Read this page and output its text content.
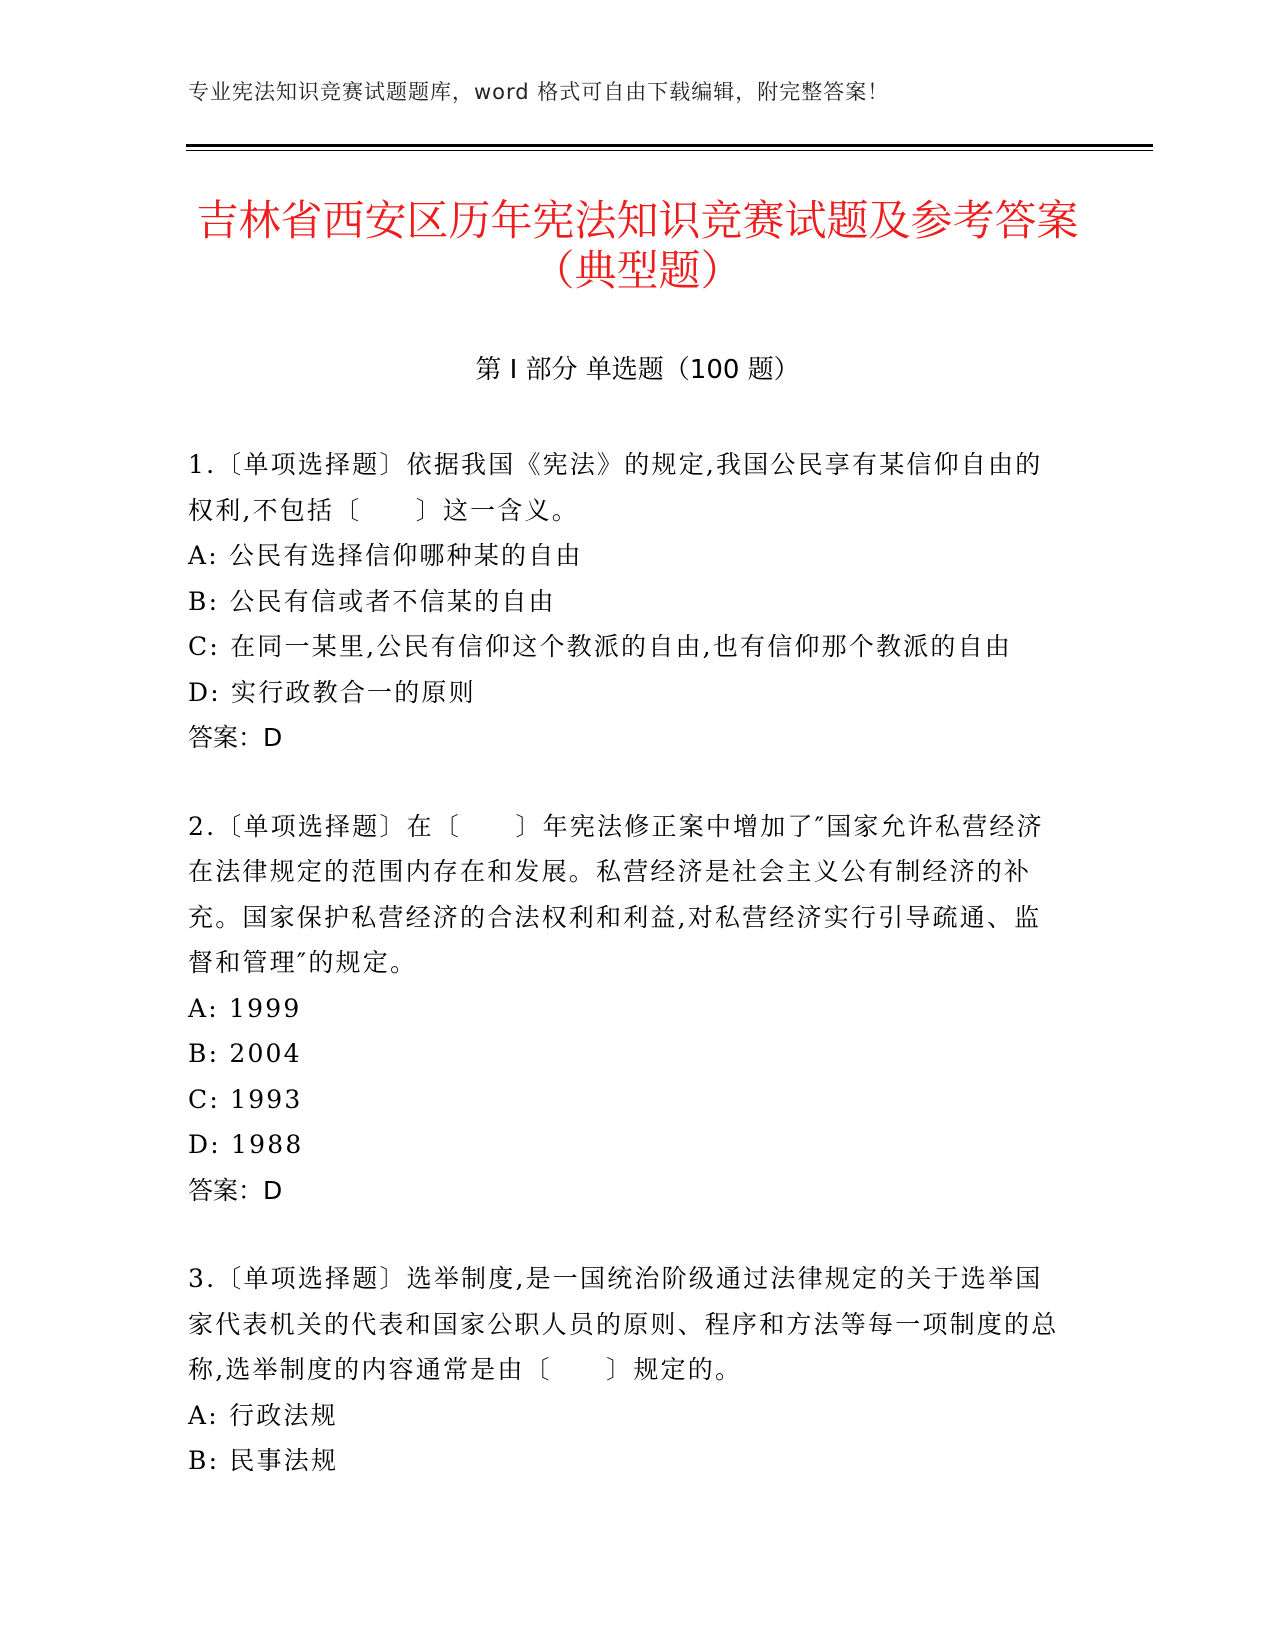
专业宪法知识竞赛试题题库，word 格式可自由下载编辑，附完整答案！
吉林省西安区历年宪法知识竞赛试题及参考答案（典型题）
第 I 部分 单选题（100 题）
1.〔单项选择题〕依据我国《宪法》的规定,我国公民享有某信仰自由的权利,不包括〔　　〕这一含义。
A: 公民有选择信仰哪种某的自由
B: 公民有信或者不信某的自由
C: 在同一某里,公民有信仰这个教派的自由,也有信仰那个教派的自由
D: 实行政教合一的原则
答案：D
2.〔单项选择题〕在〔　　〕年宪法修正案中增加了″国家允许私营经济在法律规定的范围内存在和发展。私营经济是社会主义公有制经济的补充。国家保护私营经济的合法权利和利益,对私营经济实行引导疏通、监督和管理″的规定。
A: 1999
B: 2004
C: 1993
D: 1988
答案：D
3.〔单项选择题〕选举制度,是一国统治阶级通过法律规定的关于选举国家代表机关的代表和国家公职人员的原则、程序和方法等每一项制度的总称,选举制度的内容通常是由〔　　〕规定的。
A: 行政法规
B: 民事法规
